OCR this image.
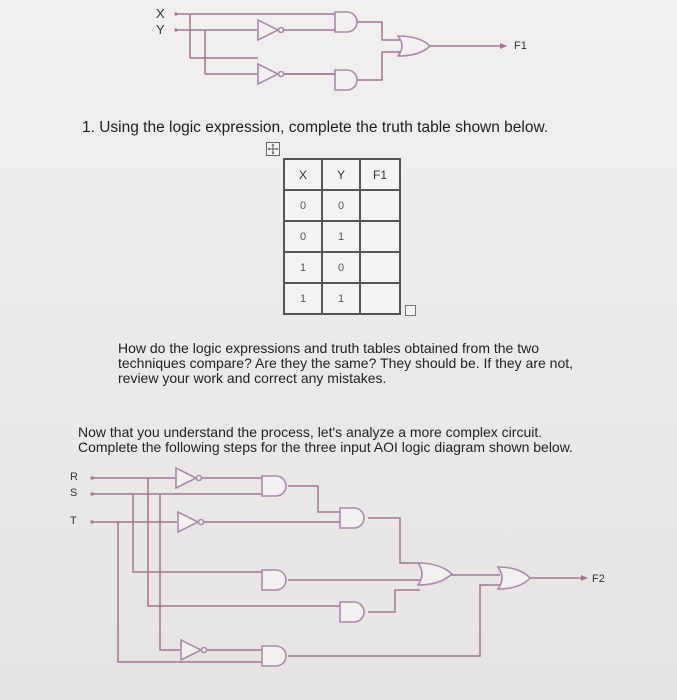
X
Y
F1
1. Using the logic expression, complete the truth table shown below.
X	Y	F1
0	0	
0	1	
1	0	
1	1	
How do the logic expressions and truth tables obtained from the two
techniques compare? Are they the same? They should be. If they are not,
review your work and correct any mistakes.
Now that you understand the process, let's analyze a more complex circuit.
Complete the following steps for the three input AOI logic diagram shown below.
R
S
T
F2
